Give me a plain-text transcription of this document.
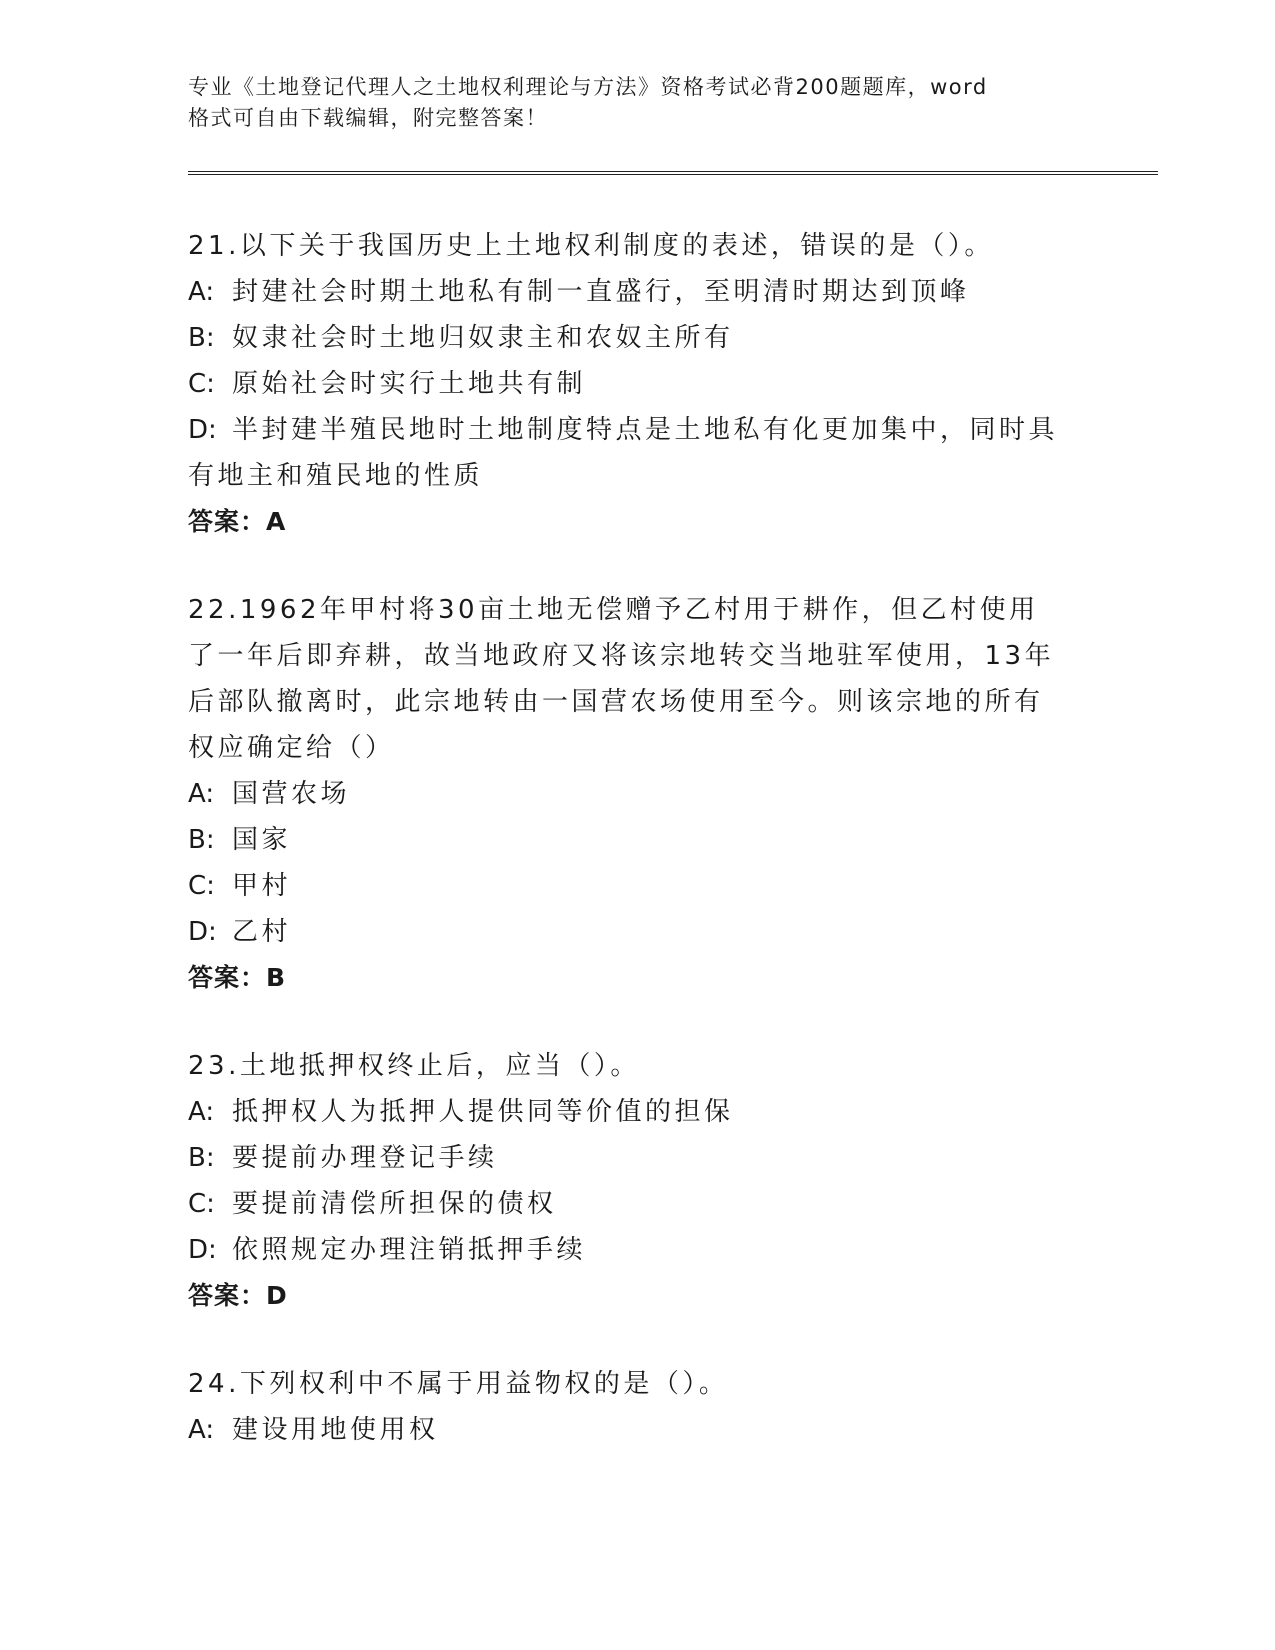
专业《土地登记代理人之土地权利理论与方法》资格考试必背200题题库，word

格式可自由下载编辑，附完整答案！

21.以下关于我国历史上土地权利制度的表述，错误的是（）。

A: 封建社会时期土地私有制一直盛行，至明清时期达到顶峰

B: 奴隶社会时土地归奴隶主和农奴主所有

C: 原始社会时实行土地共有制

D: 半封建半殖民地时土地制度特点是土地私有化更加集中，同时具有地主和殖民地的性质

答案：A

22.1962年甲村将30亩土地无偿赠予乙村用于耕作，但乙村使用了一年后即弃耕，故当地政府又将该宗地转交当地驻军使用，13年后部队撤离时，此宗地转由一国营农场使用至今。则该宗地的所有权应确定给（）

A: 国营农场

B: 国家

C: 甲村

D: 乙村

答案：B

23.土地抵押权终止后，应当（）。

A: 抵押权人为抵押人提供同等价值的担保

B: 要提前办理登记手续

C: 要提前清偿所担保的债权

D: 依照规定办理注销抵押手续

答案：D

24.下列权利中不属于用益物权的是（）。

A: 建设用地使用权
